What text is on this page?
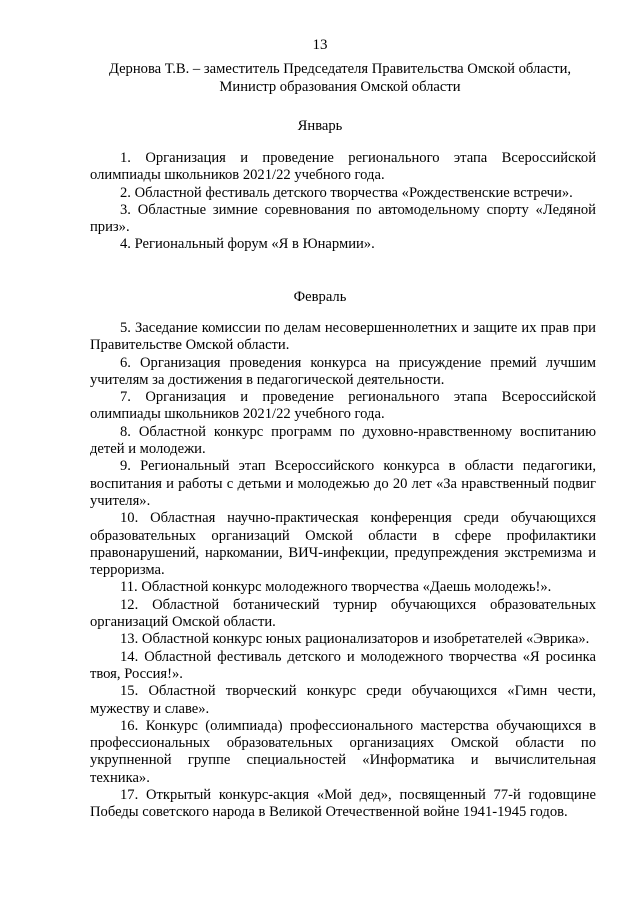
13
Дернова Т.В. – заместитель Председателя Правительства Омской области,
Министр образования Омской области
Январь

1. Организация и проведение регионального этапа Всероссийской олимпиады школьников 2021/22 учебного года.

2. Областной фестиваль детского творчества «Рождественские встречи».

3. Областные зимние соревнования по автомодельному спорту «Ледяной приз».

4. Региональный форум «Я в Юнармии».

Февраль

5. Заседание комиссии по делам несовершеннолетних и защите их прав при Правительстве Омской области.

6. Организация проведения конкурса на присуждение премий лучшим учителям за достижения в педагогической деятельности.

7. Организация и проведение регионального этапа Всероссийской олимпиады школьников 2021/22 учебного года.

8. Областной конкурс программ по духовно-нравственному воспитанию детей и молодежи.

9. Региональный этап Всероссийского конкурса в области педагогики, воспитания и работы с детьми и молодежью до 20 лет «За нравственный подвиг учителя».

10. Областная научно-практическая конференция среди обучающихся образовательных организаций Омской области в сфере профилактики правонарушений, наркомании, ВИЧ-инфекции, предупреждения экстремизма и терроризма.

11. Областной конкурс молодежного творчества «Даешь молодежь!».

12. Областной ботанический турнир обучающихся образовательных организаций Омской области.

13. Областной конкурс юных рационализаторов и изобретателей «Эврика».

14. Областной фестиваль детского и молодежного творчества «Я росинка твоя, Россия!».

15. Областной творческий конкурс среди обучающихся «Гимн чести, мужеству и славе».

16. Конкурс (олимпиада) профессионального мастерства обучающихся в профессиональных образовательных организациях Омской области по укрупненной группе специальностей «Информатика и вычислительная техника».

17. Открытый конкурс-акция «Мой дед», посвященный 77-й годовщине Победы советского народа в Великой Отечественной войне 1941-1945 годов.
